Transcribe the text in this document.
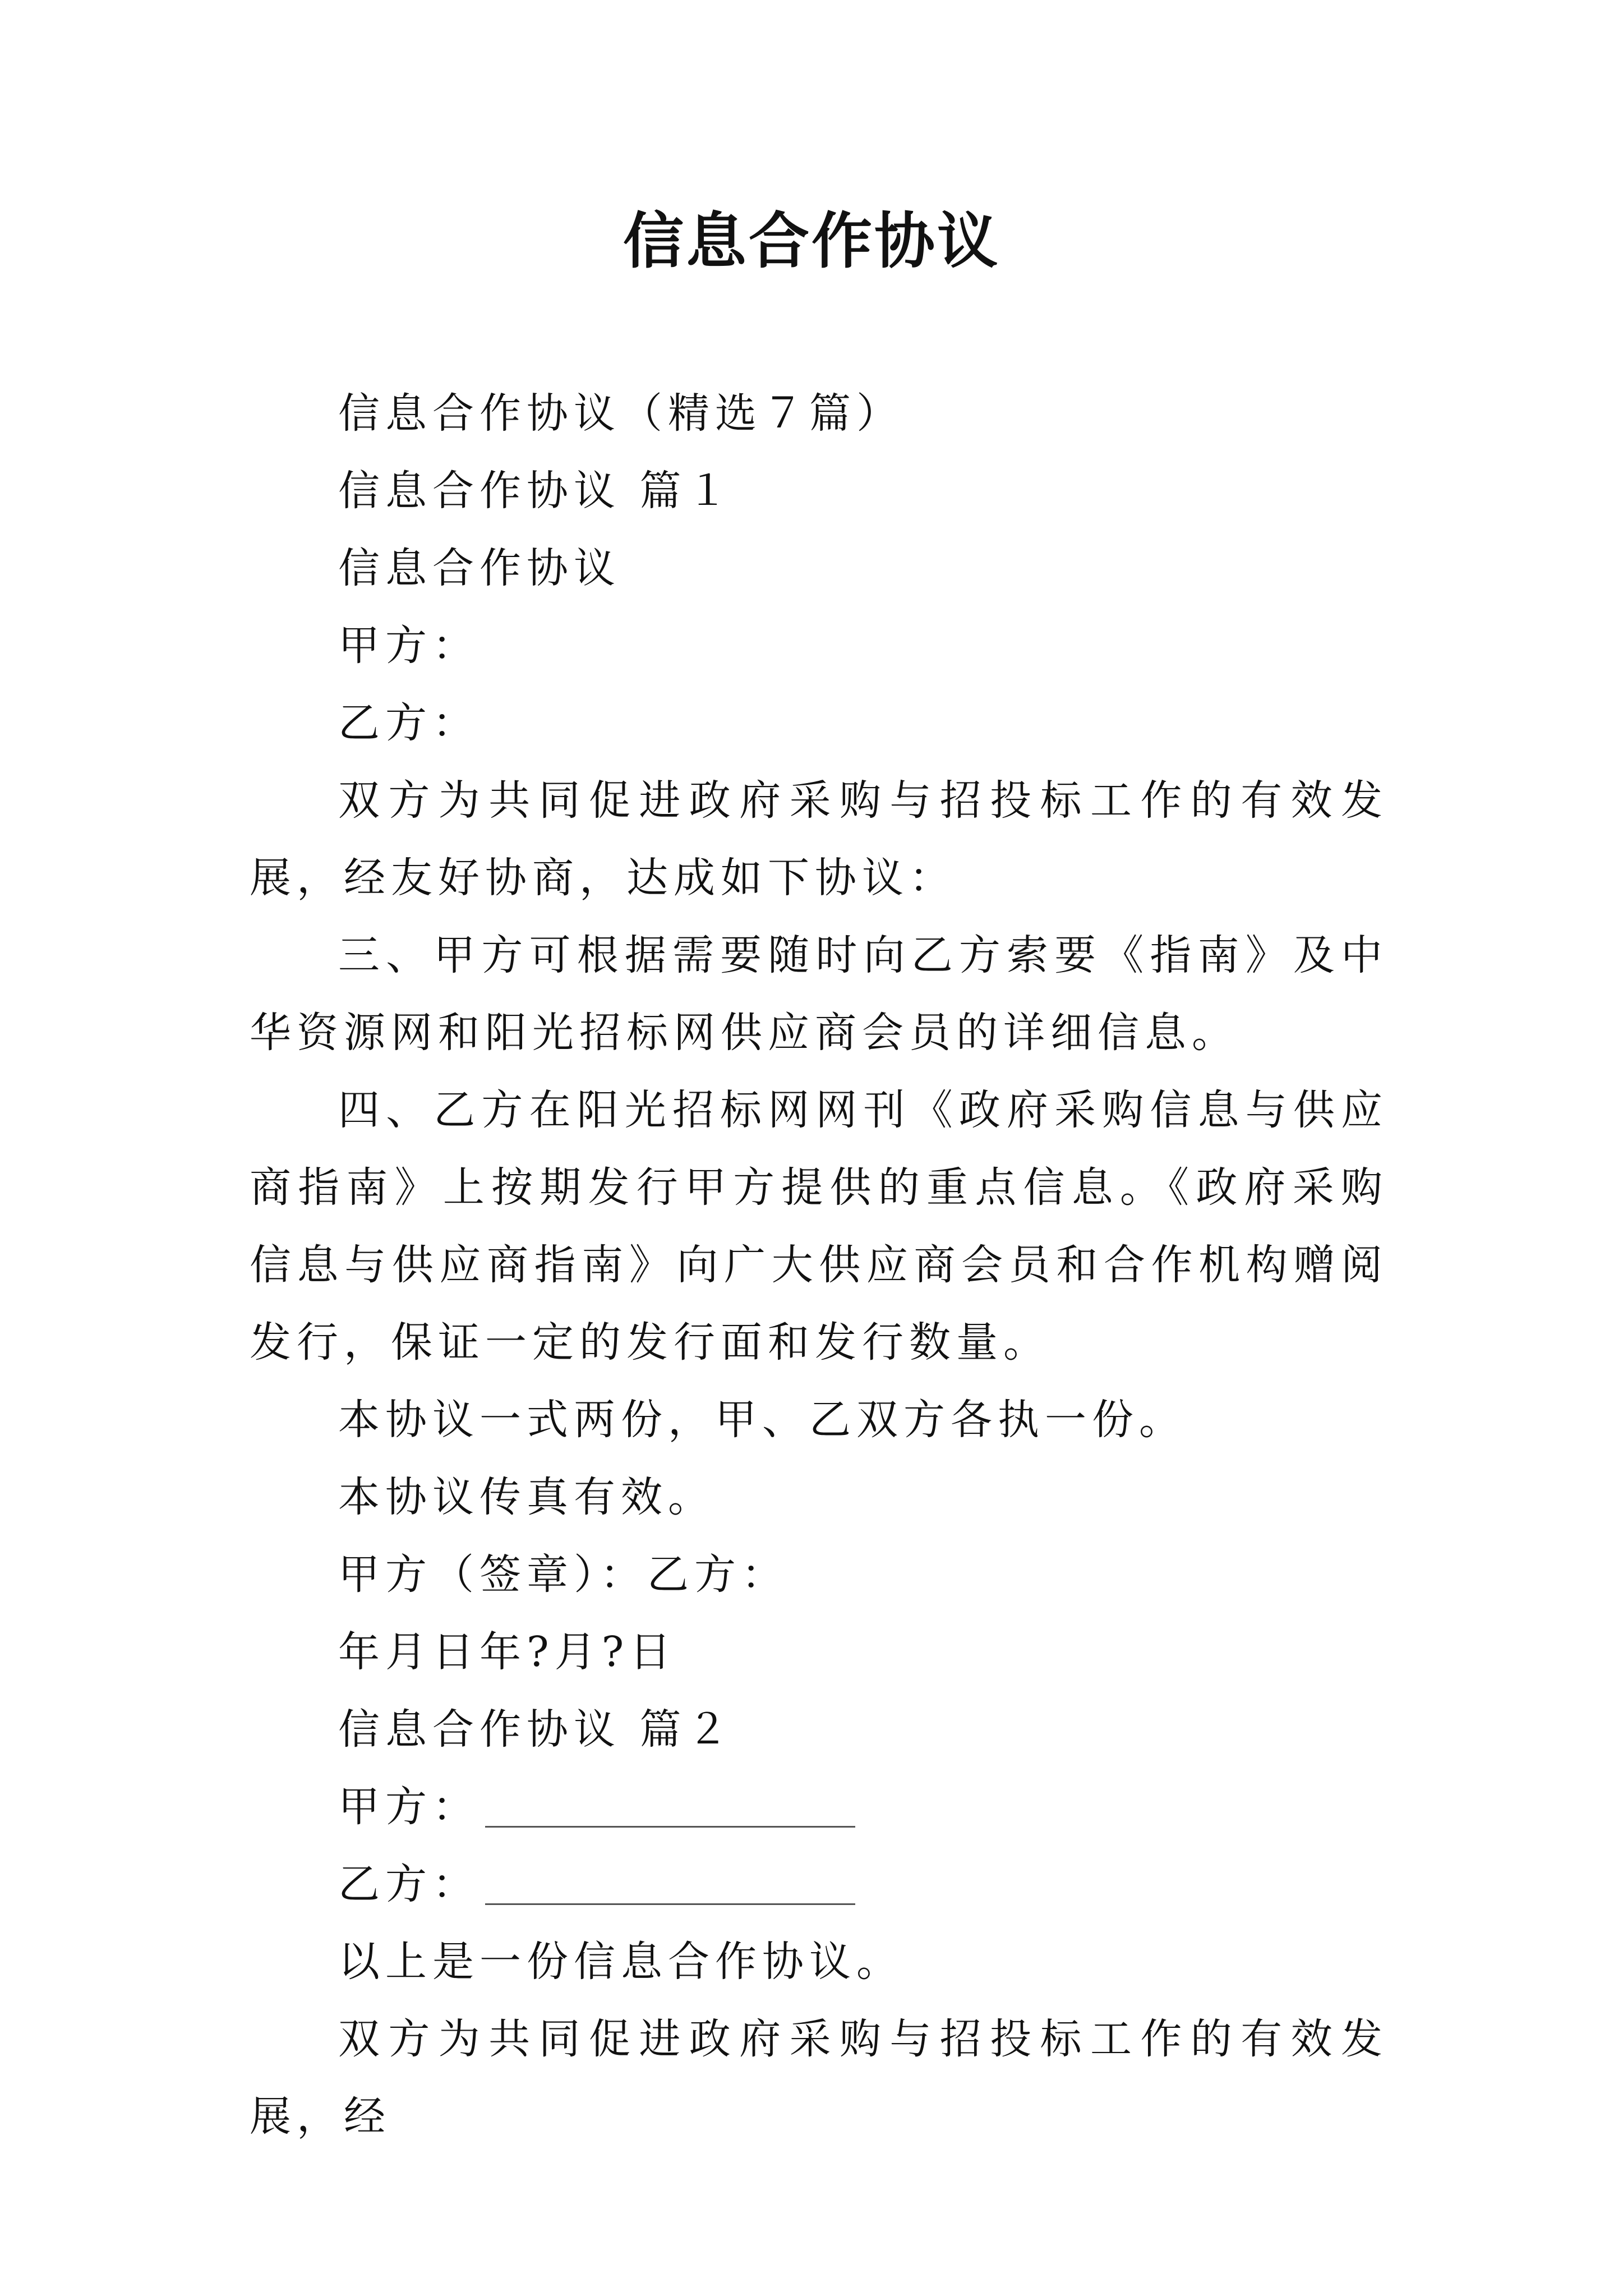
信息合作协议

信息合作协议（精选７篇）

信息合作协议 篇１

信息合作协议

甲方：

乙方：

双方为共同促进政府采购与招投标工作的有效发展，经友好协商，达成如下协议：

三、甲方可根据需要随时向乙方索要《指南》及中华资源网和阳光招标网供应商会员的详细信息。

四、乙方在阳光招标网网刊《政府采购信息与供应商指南》上按期发行甲方提供的重点信息。《政府采购信息与供应商指南》向广大供应商会员和合作机构赠阅发行，保证一定的发行面和发行数量。

本协议一式两份，甲、乙双方各执一份。

本协议传真有效。

甲方（签章）：乙方：

年月日年?月?日

信息合作协议 篇２

甲方：

乙方：

以上是一份信息合作协议。

双方为共同促进政府采购与招投标工作的有效发展，经
